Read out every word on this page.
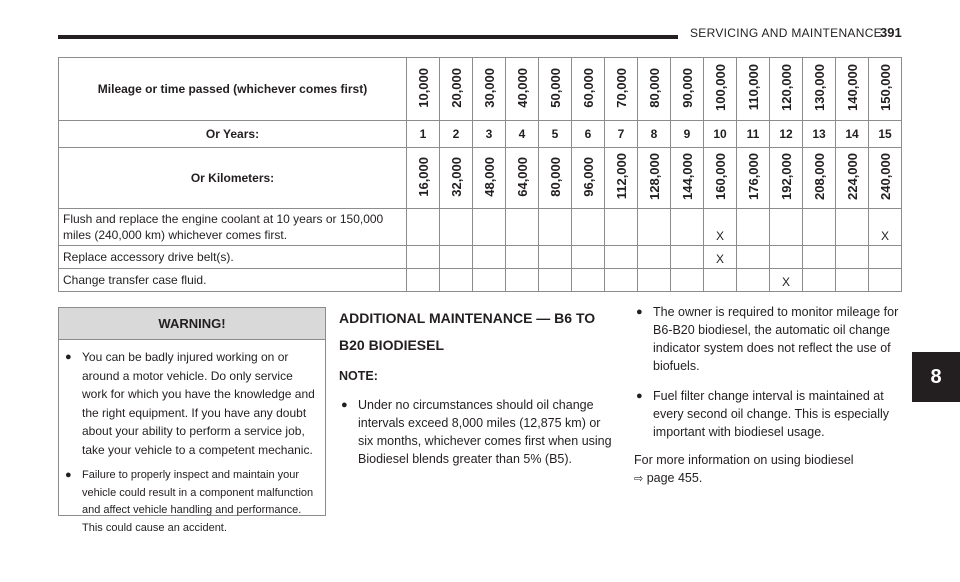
SERVICING AND MAINTENANCE
391
8
Mileage or time passed (whichever comes first)	10,000	20,000	30,000	40,000	50,000	60,000	70,000	80,000	90,000	100,000	110,000	120,000	130,000	140,000	150,000
Or Years:	1	2	3	4	5	6	7	8	9	10	11	12	13	14	15
Or Kilometers:	16,000	32,000	48,000	64,000	80,000	96,000	112,000	128,000	144,000	160,000	176,000	192,000	208,000	224,000	240,000
Flush and replace the engine coolant at 10 years or 150,000 miles (240,000 km) whichever comes first.										X					X
Replace accessory drive belt(s).										X					
Change transfer case fluid.												X			
WARNING!
● You can be badly injured working on or around a motor vehicle. Do only service work for which you have the knowledge and the right equipment. If you have any doubt about your ability to perform a service job, take your vehicle to a competent mechanic.
● Failure to properly inspect and maintain your vehicle could result in a component malfunction and affect vehicle handling and performance. This could cause an accident.
ADDITIONAL MAINTENANCE — B6 TO
B20 BIODIESEL
NOTE:
● Under no circumstances should oil change intervals exceed 8,000 miles (12,875 km) or six months, whichever comes first when using Biodiesel blends greater than 5% (B5).
● The owner is required to monitor mileage for B6-B20 biodiesel, the automatic oil change indicator system does not reflect the use of biofuels.
● Fuel filter change interval is maintained at every second oil change. This is especially important with biodiesel usage.
For more information on using biodiesel
⇨ page 455.
